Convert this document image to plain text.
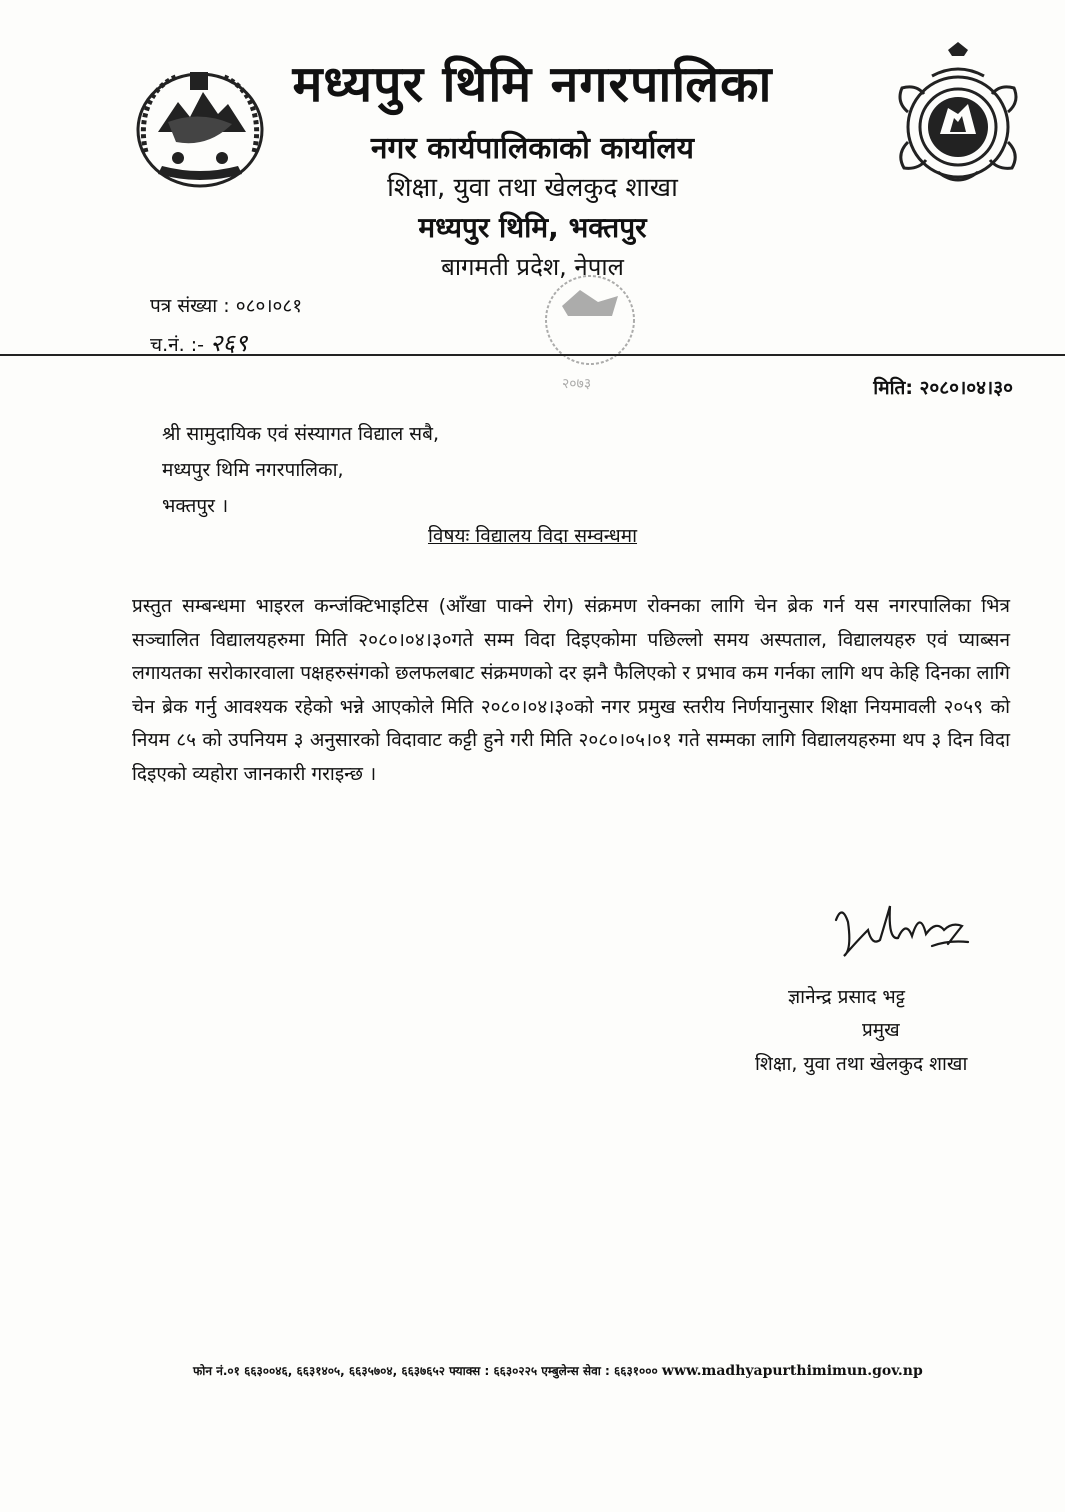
मध्यपुर थिमि नगरपालिका
नगर कार्यपालिकाको कार्यालय
शिक्षा, युवा तथा खेलकुद शाखा
मध्यपुर थिमि, भक्तपुर
बागमती प्रदेश, नेपाल
२०७३
पत्र संख्या : ०८०।०८१
च.नं. :- २६९
मिति: २०८०।०४।३०
श्री सामुदायिक एवं संस्यागत विद्याल सबै,
मध्यपुर थिमि नगरपालिका,
भक्तपुर ।
विषयः विद्यालय विदा सम्वन्धमा
प्रस्तुत सम्बन्धमा भाइरल कन्जंक्टिभाइटिस (आँखा पाक्ने रोग) संक्रमण रोक्नका लागि चेन ब्रेक गर्न यस नगरपालिका भित्र सञ्चालित विद्यालयहरुमा मिति २०८०।०४।३०गते सम्म विदा दिइएकोमा पछिल्लो समय अस्पताल, विद्यालयहरु एवं प्याब्सन लगायतका सरोकारवाला पक्षहरुसंगको छलफलबाट संक्रमणको दर झनै फैलिएको र प्रभाव कम गर्नका लागि थप केहि दिनका लागि चेन ब्रेक गर्नु आवश्यक रहेको भन्ने आएकोले मिति २०८०।०४।३०को नगर प्रमुख स्तरीय निर्णयानुसार शिक्षा नियमावली २०५९ को नियम ८५ को उपनियम ३ अनुसारको विदावाट कट्टी हुने गरी मिति २०८०।०५।०१ गते सम्मका लागि विद्यालयहरुमा थप ३ दिन विदा दिइएको व्यहोरा जानकारी गराइन्छ ।
ज्ञानेन्द्र प्रसाद भट्ट
प्रमुख
शिक्षा, युवा तथा खेलकुद शाखा
फोन नं.०१ ६६३००४६, ६६३१४०५, ६६३५७०४, ६६३७६५२ फ्याक्स : ६६३०२२५ एम्बुलेन्स सेवा : ६६३१००० www.madhyapurthimimun.gov.np
